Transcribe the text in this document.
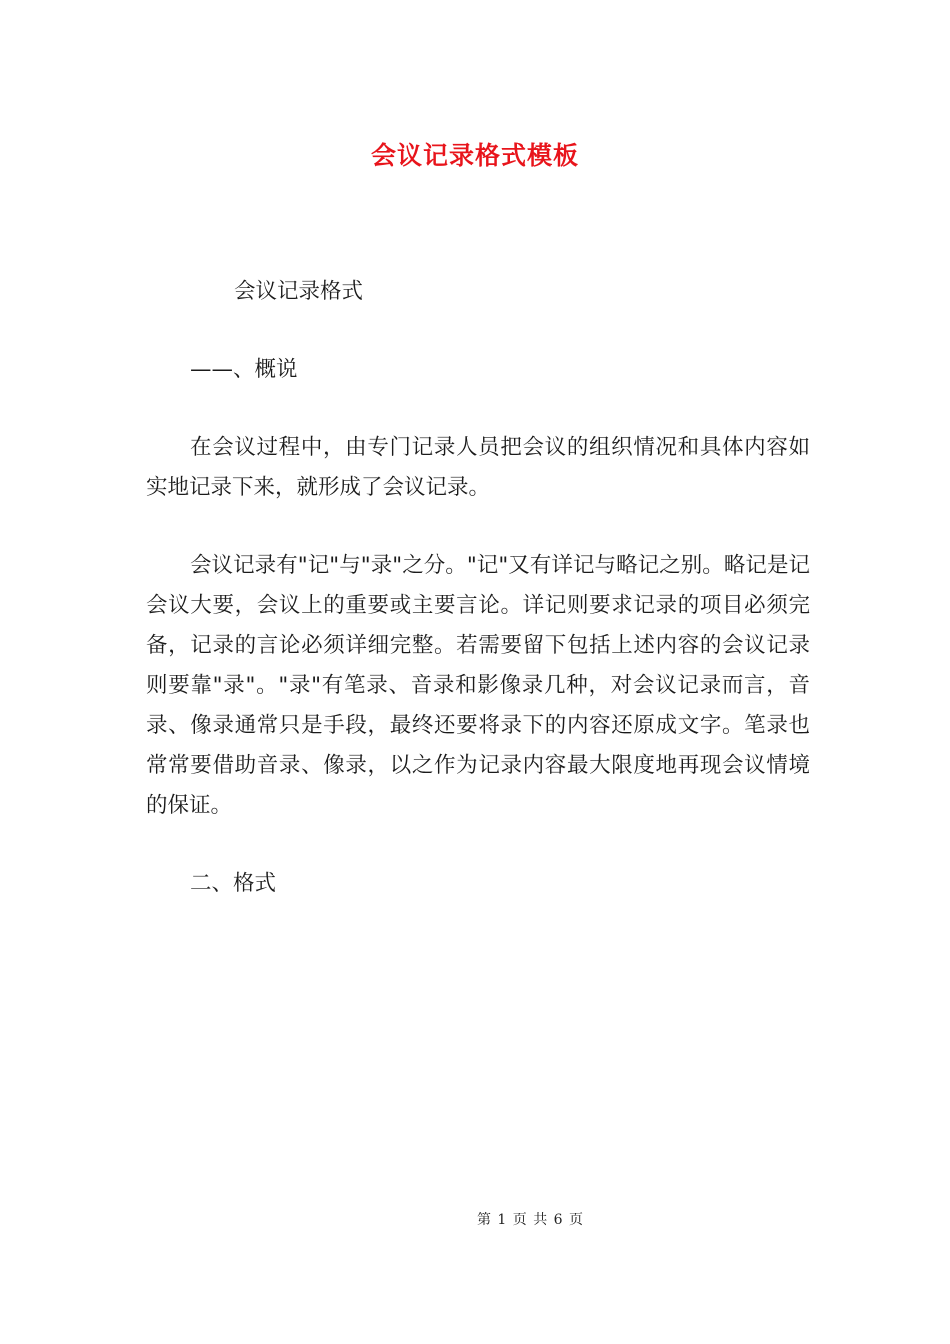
会议记录格式模板

会议记录格式

——、概说

在会议过程中，由专门记录人员把会议的组织情况和具体内容如实地记录下来，就形成了会议记录。

会议记录有"记"与"录"之分。"记"又有详记与略记之别。略记是记会议大要，会议上的重要或主要言论。详记则要求记录的项目必须完备，记录的言论必须详细完整。若需要留下包括上述内容的会议记录则要靠"录"。"录"有笔录、音录和影像录几种，对会议记录而言，音录、像录通常只是手段，最终还要将录下的内容还原成文字。笔录也常常要借助音录、像录，以之作为记录内容最大限度地再现会议情境的保证。

二、格式

第 1 页 共 6 页
